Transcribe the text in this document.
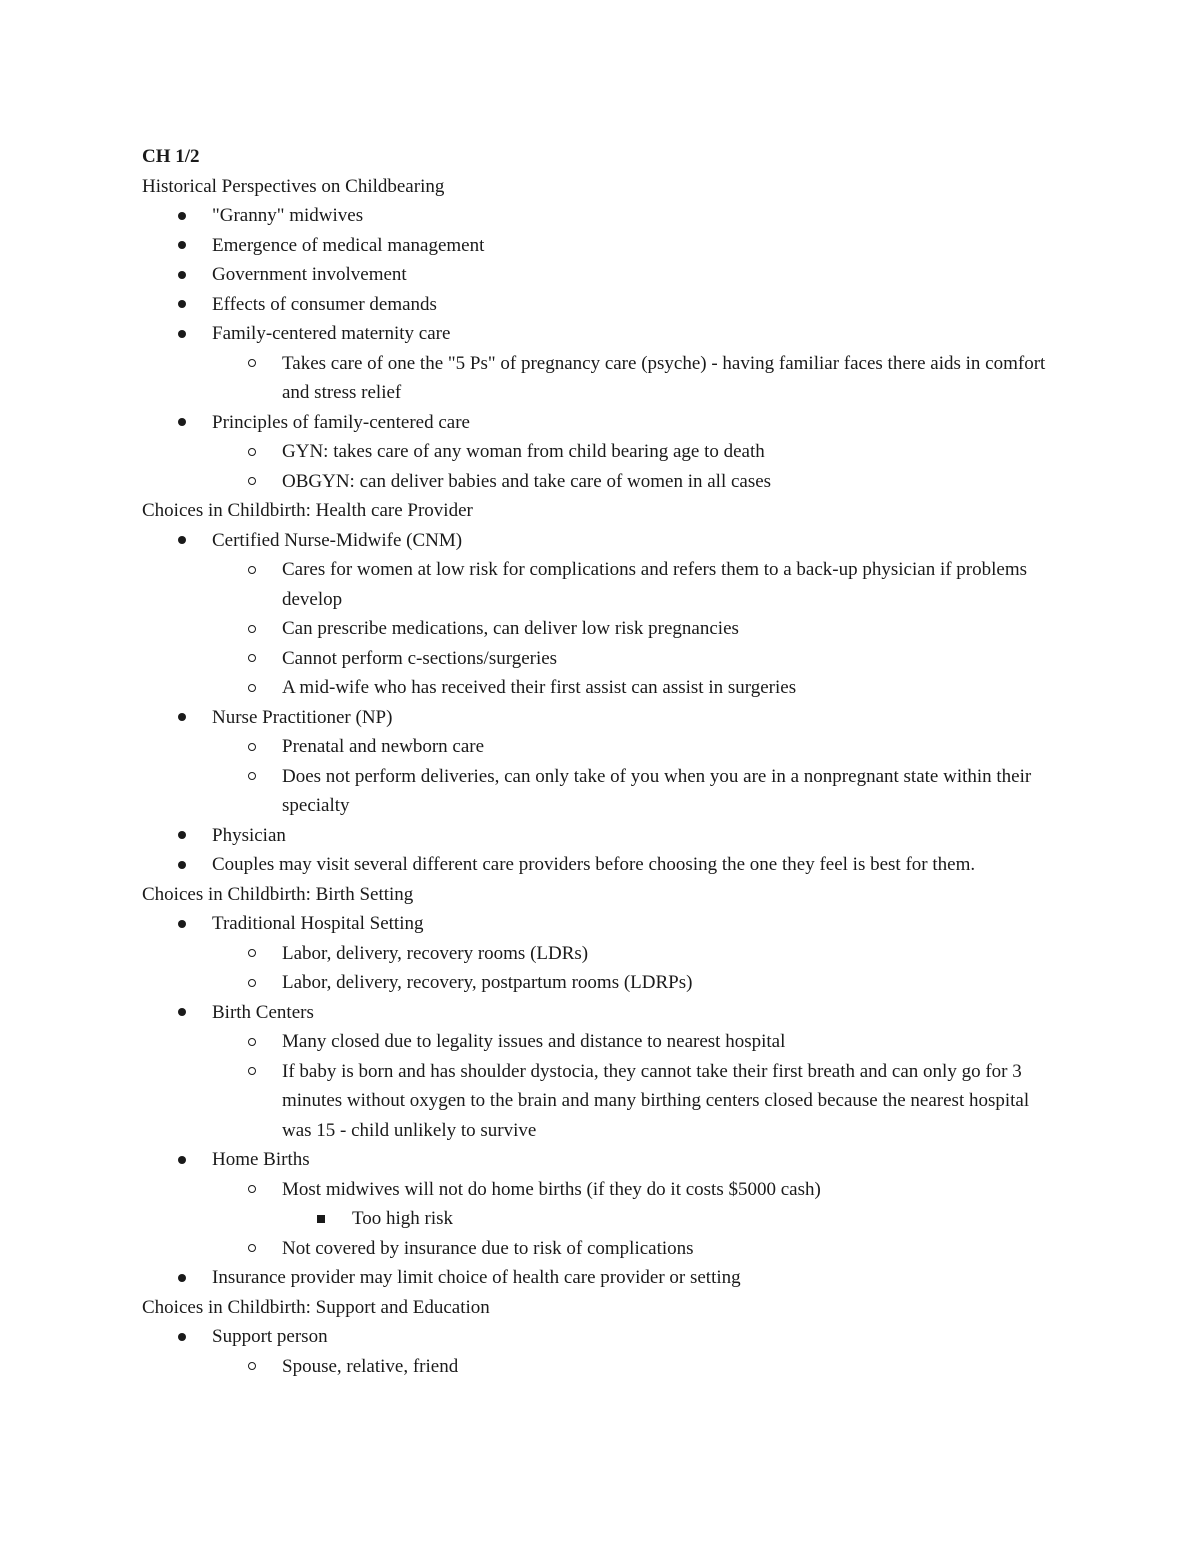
CH 1/2
Historical Perspectives on Childbearing
"Granny" midwives
Emergence of medical management
Government involvement
Effects of consumer demands
Family-centered maternity care
Takes care of one the "5 Ps" of pregnancy care (psyche) - having familiar faces there aids in comfort and stress relief
Principles of family-centered care
GYN: takes care of any woman from child bearing age to death
OBGYN: can deliver babies and take care of women in all cases
Choices in Childbirth: Health care Provider
Certified Nurse-Midwife (CNM)
Cares for women at low risk for complications and refers them to a back-up physician if problems develop
Can prescribe medications, can deliver low risk pregnancies
Cannot perform c-sections/surgeries
A mid-wife who has received their first assist can assist in surgeries
Nurse Practitioner (NP)
Prenatal and newborn care
Does not perform deliveries, can only take of you when you are in a nonpregnant state within their specialty
Physician
Couples may visit several different care providers before choosing the one they feel is best for them.
Choices in Childbirth: Birth Setting
Traditional Hospital Setting
Labor, delivery, recovery rooms (LDRs)
Labor, delivery, recovery, postpartum rooms (LDRPs)
Birth Centers
Many closed due to legality issues and distance to nearest hospital
If baby is born and has shoulder dystocia, they cannot take their first breath and can only go for 3 minutes without oxygen to the brain and many birthing centers closed because the nearest hospital was 15 - child unlikely to survive
Home Births
Most midwives will not do home births (if they do it costs $5000 cash)
Too high risk
Not covered by insurance due to risk of complications
Insurance provider may limit choice of health care provider or setting
Choices in Childbirth: Support and Education
Support person
Spouse, relative, friend
